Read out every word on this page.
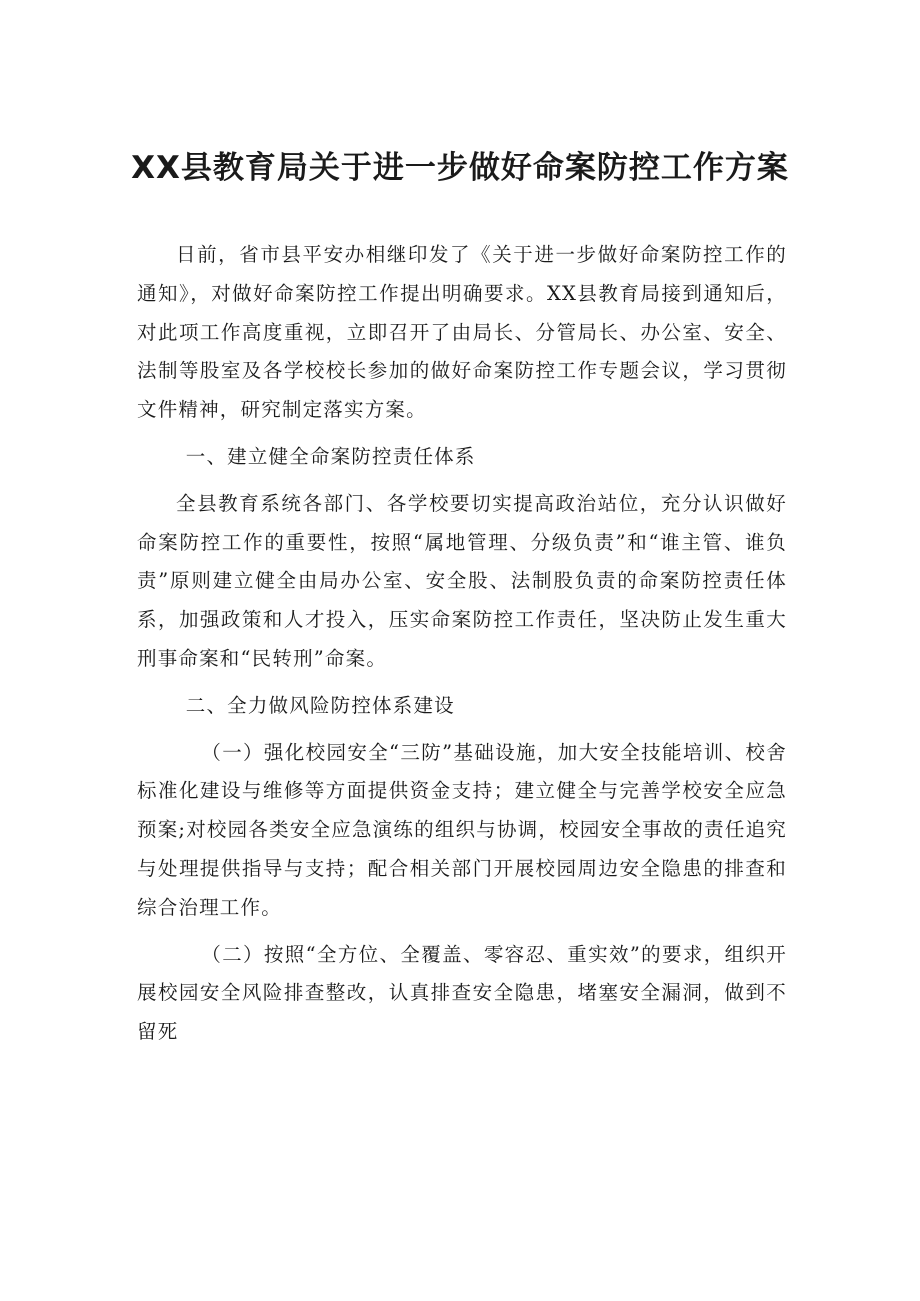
XX县教育局关于进一步做好命案防控工作方案

日前，省市县平安办相继印发了《关于进一步做好命案防控工作的通知》，对做好命案防控工作提出明确要求。XX县教育局接到通知后，对此项工作高度重视，立即召开了由局长、分管局长、办公室、安全、法制等股室及各学校校长参加的做好命案防控工作专题会议，学习贯彻文件精神，研究制定落实方案。

一、建立健全命案防控责任体系

全县教育系统各部门、各学校要切实提高政治站位，充分认识做好命案防控工作的重要性，按照“属地管理、分级负责”和“谁主管、谁负责”原则建立健全由局办公室、安全股、法制股负责的命案防控责任体系，加强政策和人才投入，压实命案防控工作责任，坚决防止发生重大刑事命案和“民转刑”命案。

二、全力做风险防控体系建设

（一）强化校园安全“三防”基础设施，加大安全技能培训、校舍标准化建设与维修等方面提供资金支持；建立健全与完善学校安全应急预案;对校园各类安全应急演练的组织与协调，校园安全事故的责任追究与处理提供指导与支持；配合相关部门开展校园周边安全隐患的排查和综合治理工作。

（二）按照“全方位、全覆盖、零容忍、重实效”的要求，组织开展校园安全风险排查整改，认真排查安全隐患，堵塞安全漏洞，做到不留死
